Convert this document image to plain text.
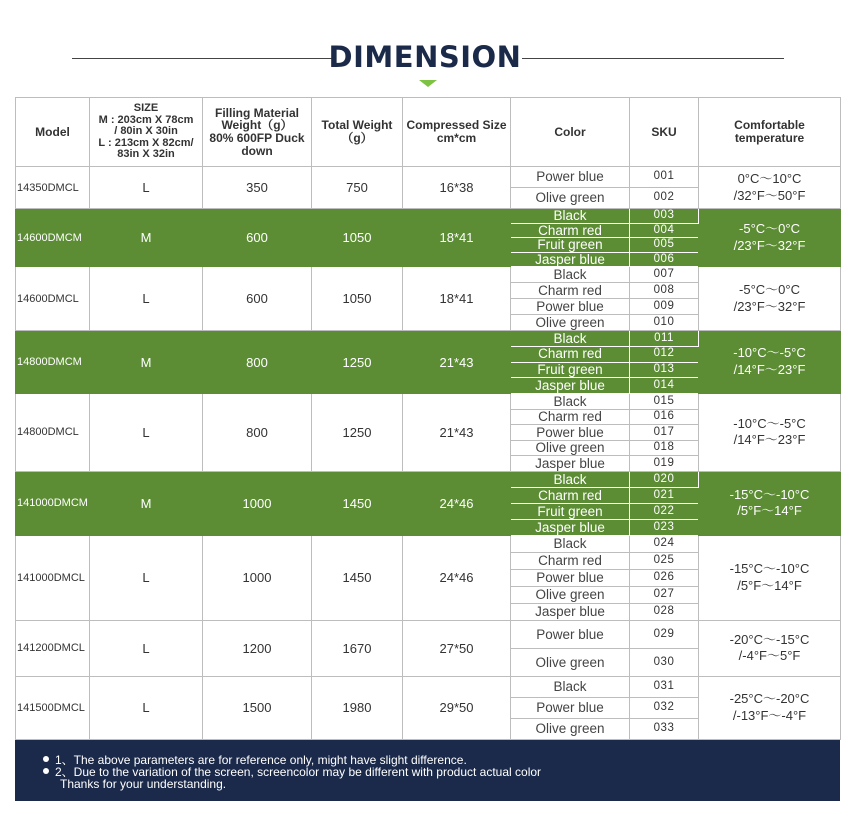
DIMENSION
Model	SIZE
M : 203cm X 78cm
/ 80in X 30in
L : 213cm X 82cm/
83in X 32in	Filling Material
Weight（g）
80% 600FP Duck
down	Total Weight
（g）	Compressed Size
cm*cm	Color	SKU	Comfortable
temperature
14350DMCL	L	350	750	16*38	Power blue	001	0°C～10°C
/32°F～50°F
					Olive green	002	
14600DMCM	M	600	1050	18*41	Black	003	-5°C～0°C
/23°F～32°F
					Charm red	004	
					Fruit green	005	
					Jasper blue	006	
14600DMCL	L	600	1050	18*41	Black	007	-5°C～0°C
/23°F～32°F
					Charm red	008	
					Power blue	009	
					Olive green	010	
14800DMCM	M	800	1250	21*43	Black	011	-10°C～-5°C
/14°F～23°F
					Charm red	012	
					Fruit green	013	
					Jasper blue	014	
14800DMCL	L	800	1250	21*43	Black	015	-10°C～-5°C
/14°F～23°F
					Charm red	016	
					Power blue	017	
					Olive green	018	
					Jasper blue	019	
141000DMCM	M	1000	1450	24*46	Black	020	-15°C～-10°C
/5°F～14°F
					Charm red	021	
					Fruit green	022	
					Jasper blue	023	
141000DMCL	L	1000	1450	24*46	Black	024	-15°C～-10°C
/5°F～14°F
					Charm red	025	
					Power blue	026	
					Olive green	027	
					Jasper blue	028	
141200DMCL	L	1200	1670	27*50	Power blue	029	-20°C～-15°C
/-4°F～5°F
					Olive green	030	
141500DMCL	L	1500	1980	29*50	Black	031	-25°C～-20°C
/-13°F～-4°F
					Power blue	032	
					Olive green	033	
1、The above parameters are for reference only, might have slight difference.
2、Due to the variation of the screen, screencolor may be different with product actual color
Thanks for your understanding.
